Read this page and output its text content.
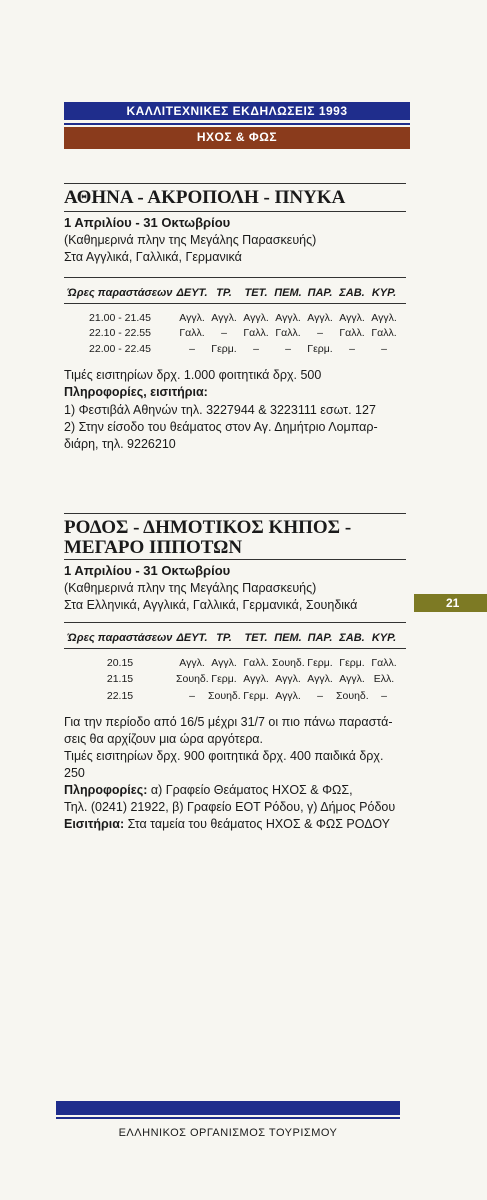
ΚΑΛΛΙΤΕΧΝΙΚΕΣ ΕΚΔΗΛΩΣΕΙΣ 1993
ΗΧΟΣ & ΦΩΣ
ΑΘΗΝΑ - ΑΚΡΟΠΟΛΗ - ΠΝΥΚΑ
1 Απριλίου - 31 Οκτωβρίου
(Καθημερινά πλην της Μεγάλης Παρασκευής)
Στα Αγγλικά, Γαλλικά, Γερμανικά
Ώρες παραστάσεων ΔΕΥΤ. ΤΡ.	ΤΕΤ. ΠΕΜ. ΠΑΡ. ΣΑΒ. ΚΥΡ.
21.00 - 21.45	Αγγλ. Αγγλ. Αγγλ. Αγγλ. Αγγλ. Αγγλ. Αγγλ.
22.10 - 22.55	Γαλλ.	–	Γαλλ. Γαλλ.	–	Γαλλ. Γαλλ.
22.00 - 22.45	–	Γερμ.	–	–	Γερμ.	–	–
Τιμές εισιτηρίων δρχ. 1.000 φοιτητικά δρχ. 500
Πληροφορίες, εισιτήρια:
1) Φεστιβάλ Αθηνών τηλ. 3227944 & 3223111 εσωτ. 127
2) Στην είσοδο του θεάματος στον Αγ. Δημήτριο Λομπαρ-
διάρη, τηλ. 9226210
ΡΟΔΟΣ - ΔΗΜΟΤΙΚΟΣ ΚΗΠΟΣ -
ΜΕΓΑΡΟ ΙΠΠΟΤΩΝ
1 Απριλίου - 31 Οκτωβρίου
(Καθημερινά πλην της Μεγάλης Παρασκευής)
Στα Ελληνικά, Αγγλικά, Γαλλικά, Γερμανικά, Σουηδικά	21
Ώρες παραστάσεων ΔΕΥΤ. ΤΡ.	ΤΕΤ. ΠΕΜ. ΠΑΡ. ΣΑΒ. ΚΥΡ.
20.15	Αγγλ. Αγγλ. Γαλλ. Σουηδ. Γερμ. Γερμ. Γαλλ.
21.15	Σουηδ. Γερμ. Αγγλ. Αγγλ. Αγγλ. Αγγλ. Ελλ.
22.15	–	Σουηδ. Γερμ. Αγγλ.	–	Σουηδ.	–
Για την περίοδο από 16/5 μέχρι 31/7 οι πιο πάνω παραστά-
σεις θα αρχίζουν μια ώρα αργότερα.
Τιμές εισιτηρίων δρχ. 900 φοιτητικά δρχ. 400 παιδικά δρχ.
250
Πληροφορίες: α) Γραφείο Θεάματος ΗΧΟΣ & ΦΩΣ,
Τηλ. (0241) 21922, β) Γραφείο ΕΟΤ Ρόδου, γ) Δήμος Ρόδου
Εισιτήρια: Στα ταμεία του θεάματος ΗΧΟΣ & ΦΩΣ ΡΟΔΟΥ
ΕΛΛΗΝΙΚΟΣ ΟΡΓΑΝΙΣΜΟΣ ΤΟΥΡΙΣΜΟΥ
